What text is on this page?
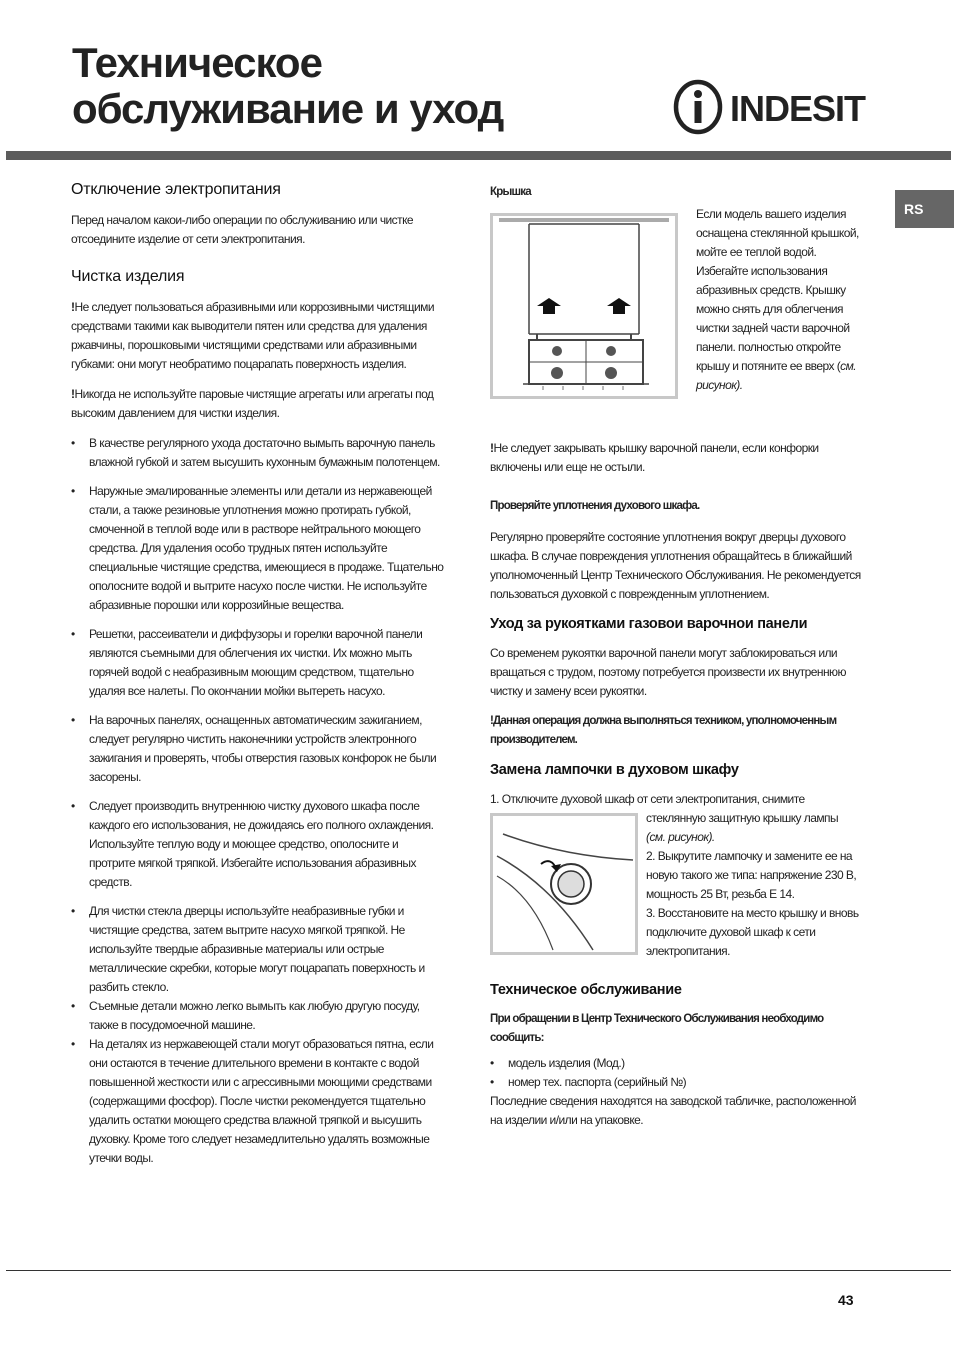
Техническое
обслуживание и уход	INDESIT
RS
Отключение электропитания

Перед началом какои-либо операции по обслуживанию или чистке отсоедините изделие от сети электропитания.

Чистка изделия

!Не следует пользоваться абразивными или коррозивными чистящими средствами такими как выводители пятен или средства для удаления ржавчины, порошковыми чистящими средствами или абразивными губками: они могут необратимо поцарапать поверхность изделия.

!Никогда не используйте паровые чистящие агрегаты или агрегаты под высоким давлением для чистки изделия.

• В качестве регулярного ухода достаточно вымыть варочную панель влажной губкой и затем высушить кухонным бумажным полотенцем.
• Наружные эмалированные элементы или детали из нержавеющей стали, а также резиновые уплотнения можно протирать губкой, смоченной в теплой воде или в растворе нейтрального моющего средства. Для удаления особо трудных пятен используйте специальные чистящие средства, имеющиеся в продаже. Тщательно ополосните водой и вытрите насухо после чистки. Не используйте абразивные порошки или коррозийные вещества.
• Решетки, рассеиватели и диффузоры и горелки варочной панели являются съемными для облегчения их чистки. Их можно мыть горячей водой с неабразивным моющим средством, тщательно удаляя все налеты. По окончании мойки вытереть насухо.
• На варочных панелях, оснащенных автоматическим зажиганием, следует регулярно чистить наконечники устройств электронного зажигания и проверять, чтобы отверстия газовых конфорок не были засорены.
• Следует производить внутреннюю чистку духового шкафа после каждого его использования, не дожидаясь его полного охлаждения. Используйте теплую воду и моющее средство, ополосните и протрите мягкой тряпкой. Избегайте использования абразивных средств.
• Для чистки стекла дверцы используйте неабразивные губки и чистящие средства, затем вытрите насухо мягкой тряпкой. Не используйте твердые абразивные материалы или острые металлические скребки, которые могут поцарапать поверхность и разбить стекло.
• Съемные детали можно легко вымыть как любую другую посуду, также в посудомоечной машине.
• На деталях из нержавеющей стали могут образоваться пятна, если они остаются в течение длительного времени в контакте с водой повышенной жесткости или с агрессивными моющими средствами (содержащими фосфор). После чистки рекомендуется тщательно удалить остатки моющего средства влажной тряпкой и высушить духовку. Кроме того следует незамедлительно удалять возможные утечки воды.
Крышка
Если модель вашего изделия оснащена стеклянной крышкой, мойте ее теплой водой. Избегайте использования абразивных средств. Крышку можно снять для облегчения чистки задней части варочной панели. полностью откройте крышу и потяните ее вверх (см. рисунок).

!Не следует закрывать крышку варочной панели, если конфорки включены или еще не остыли.

Проверяйте уплотнения духового шкафа.

Регулярно проверяйте состояние уплотнения вокруг дверцы духового шкафа. В случае повреждения уплотнения обращайтесь в ближайший уполномоченный Центр Технического Обслуживания. Не рекомендуется пользоваться духовкой с поврежденным уплотнением.

Уход за рукоятками газовои варочнои панели

Со временем рукоятки варочной панели могут заблокироваться или вращаться с трудом, поэтому потребуется произвести их внутреннюю чистку и замену всеи рукоятки.

!Данная операция должна выполняться техником, уполномоченным производителем.

Замена лампочки в духовом шкафу
1. Отключите духовой шкаф от сети электропитания, снимите
стеклянную защитную крышку лампы
(см. рисунок).
2. Выкрутите лампочку и замените ее на новую такого же типа: напряжение 230 В, мощность 25 Вт, резьба Е 14.
3. Восстановите на место крышку и вновь подключите духовой шкаф к сети электропитания.
Техническое обслуживание

При обращении в Центр Технического Обслуживания необходимо сообщить:

• модель изделия (Мод.)
• номер тех. паспорта (серийный №)

Последние сведения находятся на заводской табличке, расположенной на изделии и/или на упаковке.

43
